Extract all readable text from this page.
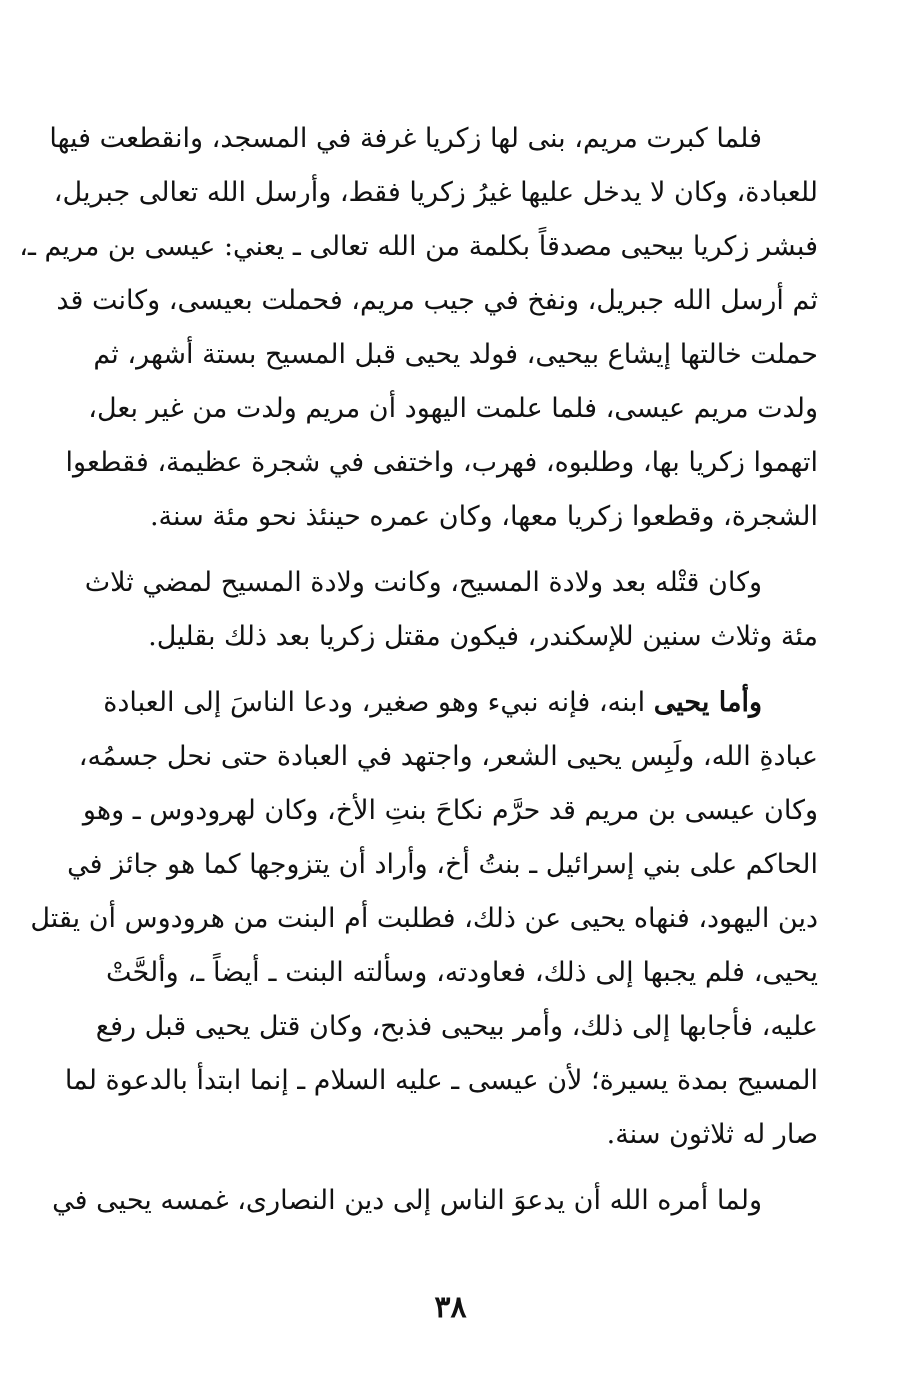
فلما كبرت مريم، بنى لها زكريا غرفة في المسجد، وانقطعت فيها
للعبادة، وكان لا يدخل عليها غيرُ زكريا فقط، وأرسل الله تعالى جبريل،
فبشر زكريا بيحيى مصدقاً بكلمة من الله تعالى ـ يعني: عيسى بن مريم ـ،
ثم أرسل الله جبريل، ونفخ في جيب مريم، فحملت بعيسى، وكانت قد
حملت خالتها إيشاع بيحيى، فولد يحيى قبل المسيح بستة أشهر، ثم
ولدت مريم عيسى، فلما علمت اليهود أن مريم ولدت من غير بعل،
اتهموا زكريا بها، وطلبوه، فهرب، واختفى في شجرة عظيمة، فقطعوا
الشجرة، وقطعوا زكريا معها، وكان عمره حينئذ نحو مئة سنة.
وكان قتْله بعد ولادة المسيح، وكانت ولادة المسيح لمضي ثلاث
مئة وثلاث سنين للإسكندر، فيكون مقتل زكريا بعد ذلك بقليل.
وأما يحيى ابنه، فإنه نبيء وهو صغير، ودعا الناسَ إلى العبادة
عبادةِ الله، ولَبِس يحيى الشعر، واجتهد في العبادة حتى نحل جسمُه،
وكان عيسى بن مريم قد حرَّم نكاحَ بنتِ الأخ، وكان لهرودوس ـ وهو
الحاكم على بني إسرائيل ـ بنتُ أخ، وأراد أن يتزوجها كما هو جائز في
دين اليهود، فنهاه يحيى عن ذلك، فطلبت أم البنت من هرودوس أن يقتل
يحيى، فلم يجبها إلى ذلك، فعاودته، وسألته البنت ـ أيضاً ـ، وألحَّتْ
عليه، فأجابها إلى ذلك، وأمر بيحيى فذبح، وكان قتل يحيى قبل رفع
المسيح بمدة يسيرة؛ لأن عيسى ـ عليه السلام ـ إنما ابتدأ بالدعوة لما
صار له ثلاثون سنة.
ولما أمره الله أن يدعوَ الناس إلى دين النصارى، غمسه يحيى في
٣٨
